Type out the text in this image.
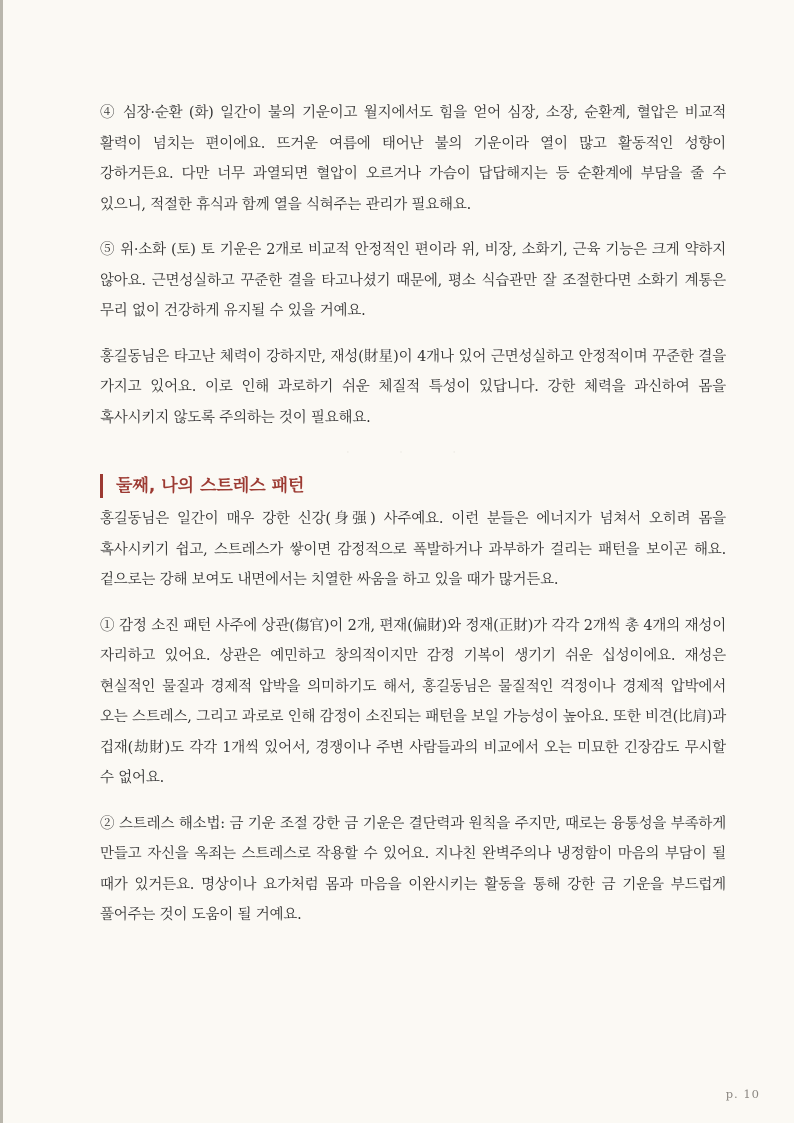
④ 심장·순환 (화) 일간이 불의 기운이고 월지에서도 힘을 얻어 심장, 소장, 순환계, 혈압은 비교적 활력이 넘치는 편이에요. 뜨거운 여름에 태어난 불의 기운이라 열이 많고 활동적인 성향이 강하거든요. 다만 너무 과열되면 혈압이 오르거나 가슴이 답답해지는 등 순환계에 부담을 줄 수 있으니, 적절한 휴식과 함께 열을 식혀주는 관리가 필요해요.

⑤ 위·소화 (토) 토 기운은 2개로 비교적 안정적인 편이라 위, 비장, 소화기, 근육 기능은 크게 약하지 않아요. 근면성실하고 꾸준한 결을 타고나셨기 때문에, 평소 식습관만 잘 조절한다면 소화기 계통은 무리 없이 건강하게 유지될 수 있을 거예요.

홍길동님은 타고난 체력이 강하지만, 재성(財星)이 4개나 있어 근면성실하고 안정적이며 꾸준한 결을 가지고 있어요. 이로 인해 과로하기 쉬운 체질적 특성이 있답니다. 강한 체력을 과신하여 몸을 혹사시키지 않도록 주의하는 것이 필요해요.

· · ·
둘째, 나의 스트레스 패턴

홍길동님은 일간이 매우 강한 신강(身强) 사주예요. 이런 분들은 에너지가 넘쳐서 오히려 몸을 혹사시키기 쉽고, 스트레스가 쌓이면 감정적으로 폭발하거나 과부하가 걸리는 패턴을 보이곤 해요. 겉으로는 강해 보여도 내면에서는 치열한 싸움을 하고 있을 때가 많거든요.

① 감정 소진 패턴 사주에 상관(傷官)이 2개, 편재(偏財)와 정재(正財)가 각각 2개씩 총 4개의 재성이 자리하고 있어요. 상관은 예민하고 창의적이지만 감정 기복이 생기기 쉬운 십성이에요. 재성은 현실적인 물질과 경제적 압박을 의미하기도 해서, 홍길동님은 물질적인 걱정이나 경제적 압박에서 오는 스트레스, 그리고 과로로 인해 감정이 소진되는 패턴을 보일 가능성이 높아요. 또한 비견(比肩)과 겁재(劫財)도 각각 1개씩 있어서, 경쟁이나 주변 사람들과의 비교에서 오는 미묘한 긴장감도 무시할 수 없어요.

② 스트레스 해소법: 금 기운 조절 강한 금 기운은 결단력과 원칙을 주지만, 때로는 융통성을 부족하게 만들고 자신을 옥죄는 스트레스로 작용할 수 있어요. 지나친 완벽주의나 냉정함이 마음의 부담이 될 때가 있거든요. 명상이나 요가처럼 몸과 마음을 이완시키는 활동을 통해 강한 금 기운을 부드럽게 풀어주는 것이 도움이 될 거예요.

p. 10
